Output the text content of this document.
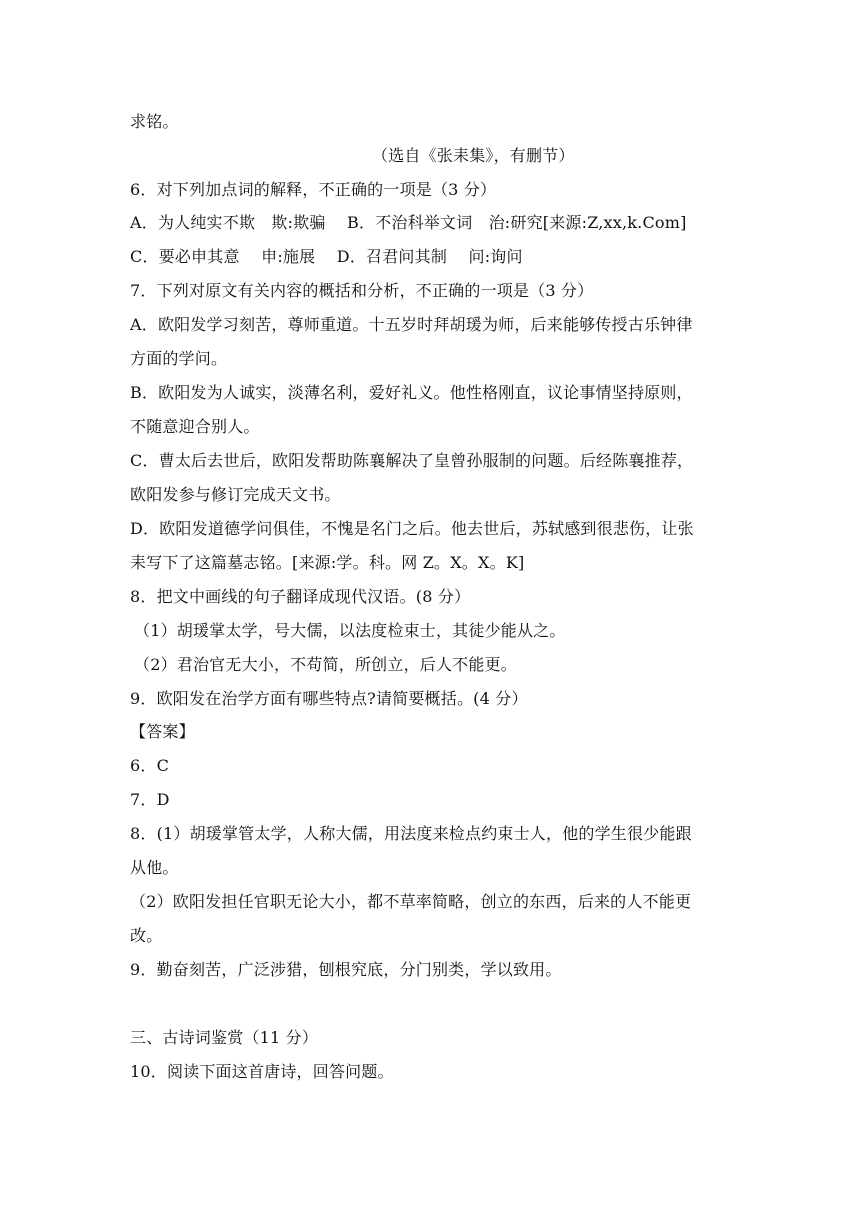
求铭。
（选自《张耒集》，有删节）
6．对下列加点词的解释，不正确的一项是（3 分）
A．为人纯实不欺　欺:欺骗　 B．不治科举文词　治:研究[来源:Z,xx,k.Com]
C．要必申其意　 申:施展　 D．召君问其制　 问:询问
7．下列对原文有关内容的概括和分析，不正确的一项是（3 分）
A．欧阳发学习刻苦，尊师重道。十五岁时拜胡瑗为师，后来能够传授古乐钟律
方面的学问。
B．欧阳发为人诚实，淡薄名利，爱好礼义。他性格刚直，议论事情坚持原则，
不随意迎合别人。
C．曹太后去世后，欧阳发帮助陈襄解决了皇曾孙服制的问题。后经陈襄推荐，
欧阳发参与修订完成天文书。
D．欧阳发道德学问俱佳，不愧是名门之后。他去世后，苏轼感到很悲伤，让张
耒写下了这篇墓志铭。[来源:学。科。网 Z。X。X。K]
8．把文中画线的句子翻译成现代汉语。(8 分）
（1）胡瑗掌太学，号大儒，以法度检束士，其徒少能从之。
（2）君治官无大小，不苟简，所创立，后人不能更。
9．欧阳发在治学方面有哪些特点?请简要概括。(4 分）
【答案】
6．C
7．D
8．(1）胡瑗掌管太学，人称大儒，用法度来检点约束士人，他的学生很少能跟
从他。
（2）欧阳发担任官职无论大小，都不草率简略，创立的东西，后来的人不能更
改。
9．勤奋刻苦，广泛涉猎，刨根究底，分门别类，学以致用。
三、古诗词鉴赏（11 分）
10．阅读下面这首唐诗，回答问题。
